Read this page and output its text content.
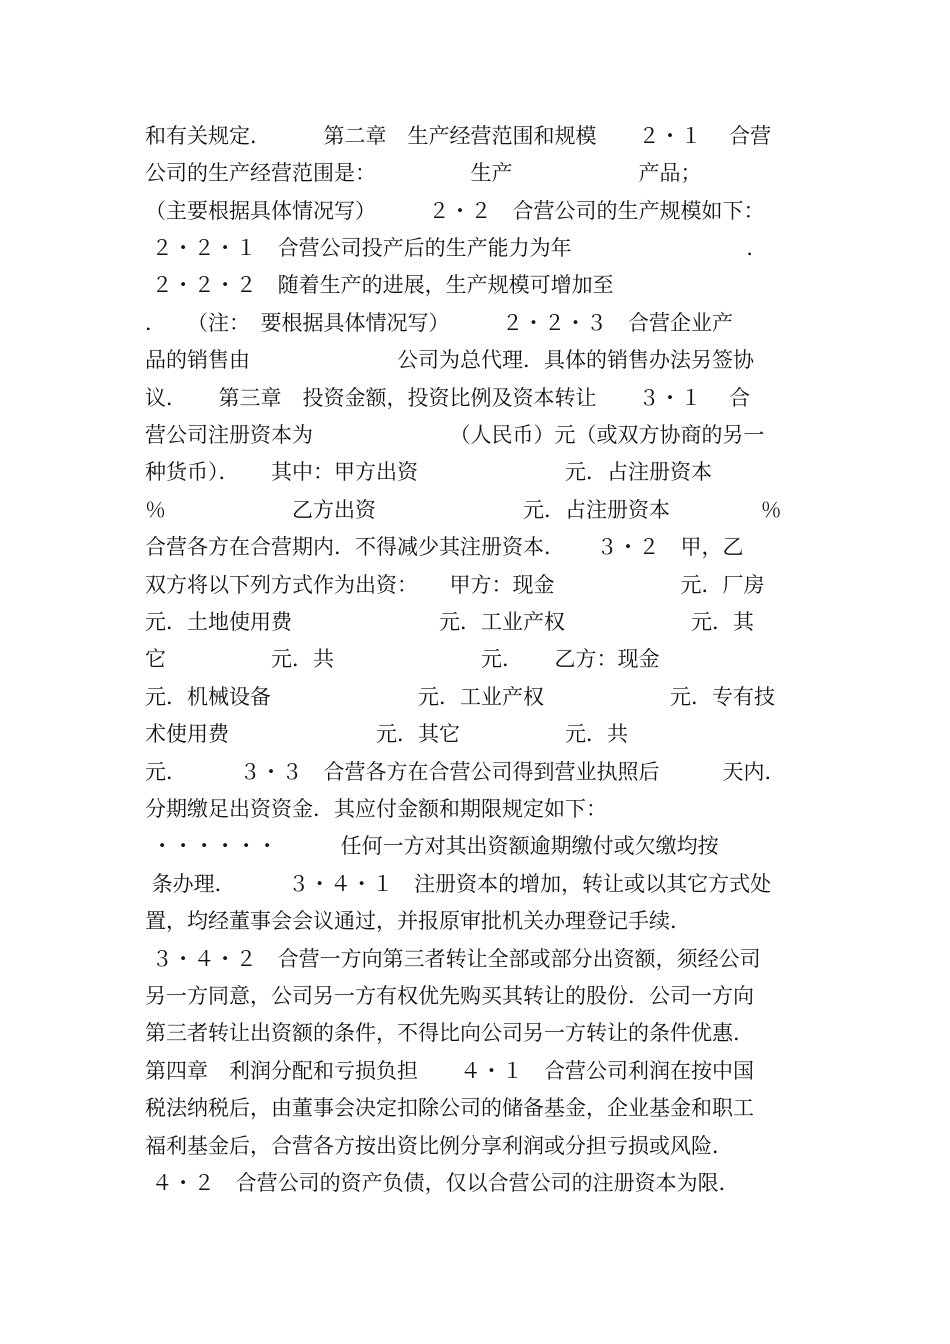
和有关规定．　　　第二章　生产经营范围和规模　　２・１　 合营
公司的生产经营范围是：　　　　　生产　　　　　　产品；
（主要根据具体情况写）　　　２・２　合营公司的生产规模如下：
２・２・１　合营公司投产后的生产能力为年　　　　　　　　 ．
２・２・２　随着生产的进展，生产规模可增加至
．　　（注：　要根据具体情况写）　　　２・２・３　合营企业产
品的销售由　　　　　　　公司为总代理．具体的销售办法另签协
议．　　第三章　投资金额，投资比例及资本转让　　３・１　 合
营公司注册资本为　　　　　　　（人民币）元（或双方协商的另一
种货币）．　　其中：甲方出资　　　　　　　元．占注册资本
％　　　　　　乙方出资　　　　　　　元．占注册资本　　　　 ％
合营各方在合营期内．不得减少其注册资本．　　３・２　甲，乙
双方将以下列方式作为出资：　　甲方：现金　　　　　　元．厂房
元．土地使用费　　　　　　　元．工业产权　　　　　　元．其
它　　　　　元．共　　　　　　　元．　　乙方：现金
元．机械设备　　　　　　　元．工业产权　　　　　　元．专有技
术使用费　　　　　　　元．其它　　　　　元．共
元．　　　３・３　合营各方在合营公司得到营业执照后　　　天内．
分期缴足出资资金．其应付金额和期限规定如下：
・・・・・・　　　任何一方对其出资额逾期缴付或欠缴均按
条办理．　　　３・４・１　注册资本的增加，转让或以其它方式处
置，均经董事会会议通过，并报原审批机关办理登记手续．
３・４・２　合营一方向第三者转让全部或部分出资额，须经公司
另一方同意，公司另一方有权优先购买其转让的股份．公司一方向
第三者转让出资额的条件，不得比向公司另一方转让的条件优惠．
第四章　利润分配和亏损负担　　４・１　合营公司利润在按中国
税法纳税后，由董事会决定扣除公司的储备基金，企业基金和职工
福利基金后，合营各方按出资比例分享利润或分担亏损或风险．
４・２　合营公司的资产负债，仅以合营公司的注册资本为限．
